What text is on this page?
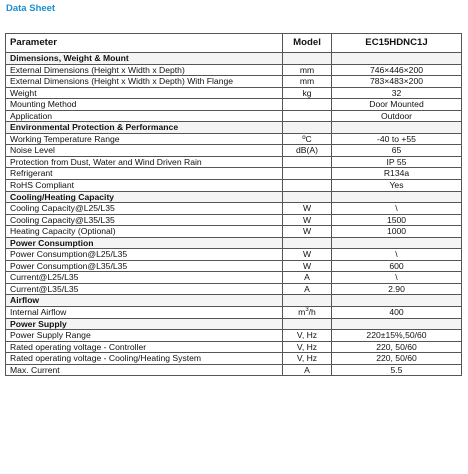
Data Sheet
Parameter	Model	EC15HDNC1J
Dimensions, Weight & Mount		
External Dimensions (Height x Width x Depth)	mm	746×446×200
External Dimensions (Height x Width x Depth) With Flange	mm	783×483×200
Weight	kg	32
Mounting Method		Door Mounted
Application		Outdoor
Environmental Protection & Performance		
Working Temperature Range	ºC	-40 to +55
Noise Level	dB(A)	65
Protection from Dust, Water and Wind Driven Rain		IP 55
Refrigerant		R134a
RoHS Compliant		Yes
Cooling/Heating Capacity		
Cooling Capacity@L25/L35	W	\
Cooling Capacity@L35/L35	W	1500
Heating Capacity (Optional)	W	1000
Power Consumption		
Power Consumption@L25/L35	W	\
Power Consumption@L35/L35	W	600
Current@L25/L35	A	\
Current@L35/L35	A	2.90
Airflow		
Internal Airflow	$m^3/h$	400
Power Supply		
Power Supply Range	V, Hz	220±15%,50/60
Rated operating voltage - Controller	V, Hz	220, 50/60
Rated operating voltage - Cooling/Heating System	V, Hz	220, 50/60
Max. Current	A	5.5
